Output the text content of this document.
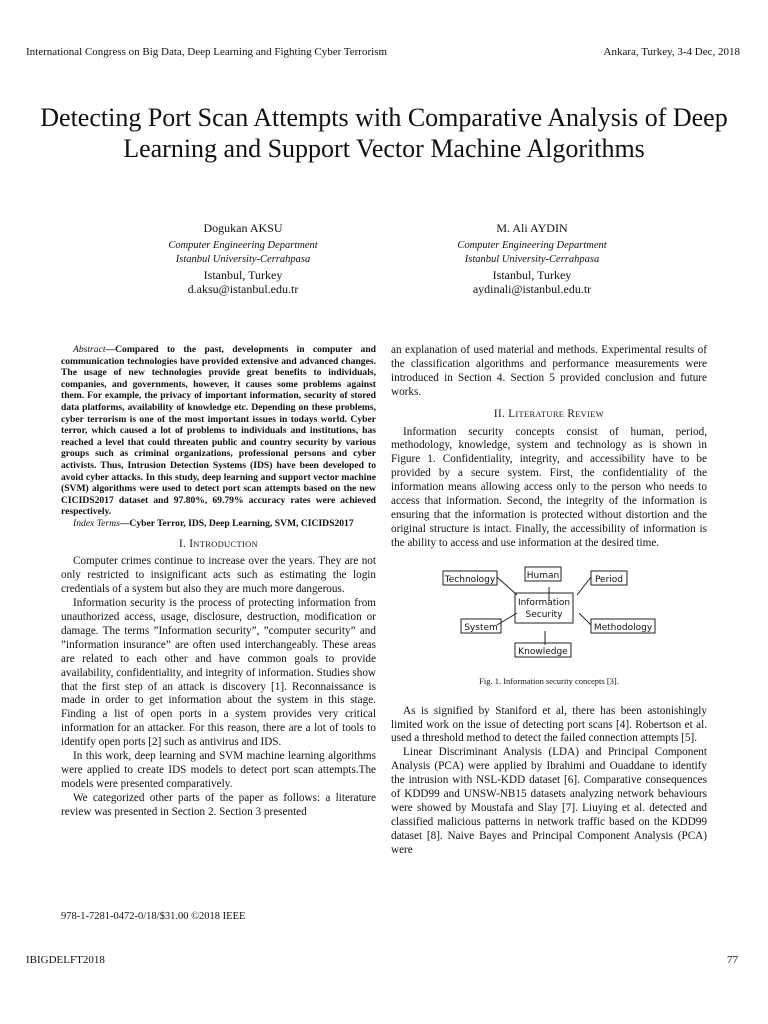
International Congress on Big Data, Deep Learning and Fighting Cyber Terrorism	Ankara, Turkey, 3-4 Dec, 2018
Detecting Port Scan Attempts with Comparative Analysis of Deep Learning and Support Vector Machine Algorithms
Dogukan AKSU
Computer Engineering Department
Istanbul University-Cerrahpasa
Istanbul, Turkey
d.aksu@istanbul.edu.tr
M. Ali AYDIN
Computer Engineering Department
Istanbul University-Cerrahpasa
Istanbul, Turkey
aydinali@istanbul.edu.tr

Abstract—Compared to the past, developments in computer and communication technologies have provided extensive and advanced changes. The usage of new technologies provide great benefits to individuals, companies, and governments, however, it causes some problems against them. For example, the privacy of important information, security of stored data platforms, availability of knowledge etc. Depending on these problems, cyber terrorism is one of the most important issues in todays world. Cyber terror, which caused a lot of problems to individuals and institutions, has reached a level that could threaten public and country security by various groups such as criminal organizations, professional persons and cyber activists. Thus, Intrusion Detection Systems (IDS) have been developed to avoid cyber attacks. In this study, deep learning and support vector machine (SVM) algorithms were used to detect port scan attempts based on the new CICIDS2017 dataset and 97.80%, 69.79% accuracy rates were achieved respectively.

Index Terms—Cyber Terror, IDS, Deep Learning, SVM, CICIDS2017

I. INTRODUCTION

Computer crimes continue to increase over the years. They are not only restricted to insignificant acts such as estimating the login credentials of a system but also they are much more dangerous.

Information security is the process of protecting information from unauthorized access, usage, disclosure, destruction, modification or damage. The terms ”Information security”, ”computer security” and ”information insurance” are often used interchangeably. These areas are related to each other and have common goals to provide availability, confidentiality, and integrity of information. Studies show that the first step of an attack is discovery [1]. Reconnaissance is made in order to get information about the system in this stage. Finding a list of open ports in a system provides very critical information for an attacker. For this reason, there are a lot of tools to identify open ports [2] such as antivirus and IDS.

In this work, deep learning and SVM machine learning algorithms were applied to create IDS models to detect port scan attempts.The models were presented comparatively.

We categorized other parts of the paper as follows: a literature review was presented in Section 2. Section 3 presented

an explanation of used material and methods. Experimental results of the classification algorithms and performance measurements were introduced in Section 4. Section 5 provided conclusion and future works.

II. LITERATURE REVIEW

Information security concepts consist of human, period, methodology, knowledge, system and technology as is shown in Figure 1. Confidentiality, integrity, and accessibility have to be provided by a secure system. First, the confidentiality of the information means allowing access only to the person who needs to access that information. Second, the integrity of the information is ensuring that the information is protected without distortion and the original structure is intact. Finally, the accessibility of information is the ability to access and use information at the desired time.

Human
Technology	Period
Information
Security
System	Methodology
Knowledge
Fig. 1. Information security concepts [3].

As is signified by Staniford et al, there has been astonishingly limited work on the issue of detecting port scans [4]. Robertson et al. used a threshold method to detect the failed connection attempts [5].

Linear Discriminant Analysis (LDA) and Principal Component Analysis (PCA) were applied by Ibrahimi and Ouaddane to identify the intrusion with NSL-KDD dataset [6]. Comparative consequences of KDD99 and UNSW-NB15 datasets analyzing network behaviours were showed by Moustafa and Slay [7]. Liuying et al. detected and classified malicious patterns in network traffic based on the KDD99 dataset [8]. Naive Bayes and Principal Component Analysis (PCA) were

978-1-7281-0472-0/18/$31.00 ©2018 IEEE
IBIGDELFT2018	77
